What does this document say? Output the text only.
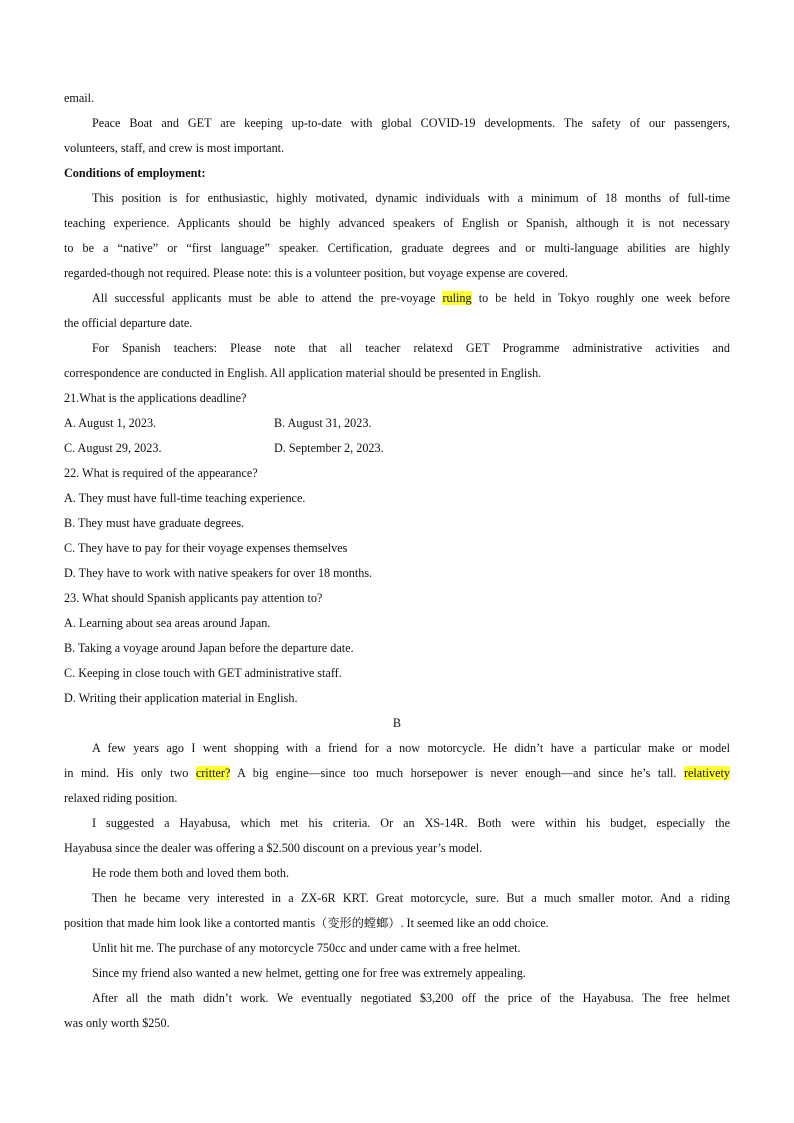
email.
Peace Boat and GET are keeping up-to-date with global COVID-19 developments. The safety of our passengers,
volunteers, staff, and crew is most important.
Conditions of employment:
This position is for enthusiastic, highly motivated, dynamic individuals with a minimum of 18 months of full-time
teaching experience. Applicants should be highly advanced speakers of English or Spanish, although it is not necessary
to be a “native” or “first language” speaker. Certification, graduate degrees and or multi-language abilities are highly
regarded-though not required. Please note: this is a volunteer position, but voyage expense are covered.
All successful applicants must be able to attend the pre-voyage ruling to be held in Tokyo roughly one week before
the official departure date.
For Spanish teachers: Please note that all teacher relatexd GET Programme administrative activities and
correspondence are conducted in English. All application material should be presented in English.
21.What is the applications deadline?
A. August 1, 2023.	B. August 31, 2023.
C. August 29, 2023.	D. September 2, 2023.
22. What is required of the appearance?
A. They must have full-time teaching experience.
B. They must have graduate degrees.
C. They have to pay for their voyage expenses themselves
D. They have to work with native speakers for over 18 months.
23. What should Spanish applicants pay attention to?
A. Learning about sea areas around Japan.
B. Taking a voyage around Japan before the departure date.
C. Keeping in close touch with GET administrative staff.
D. Writing their application material in English.
B
A few years ago I went shopping with a friend for a now motorcycle. He didn’t have a particular make or model
in mind. His only two critter? A big engine—since too much horsepower is never enough—and since he’s tall. relativety
relaxed riding position.
I suggested a Hayabusa, which met his criteria. Or an XS-14R. Both were within his budget, especially the
Hayabusa since the dealer was offering a $2.500 discount on a previous year’s model.
He rode them both and loved them both.
Then he became very interested in a ZX-6R KRT. Great motorcycle, sure. But a much smaller motor. And a riding
position that made him look like a contorted mantis（变形的螳螂）. It seemed like an odd choice.
Unlit hit me. The purchase of any motorcycle 750cc and under came with a free helmet.
Since my friend also wanted a new helmet, getting one for free was extremely appealing.
After all the math didn’t work. We eventually negotiated $3,200 off the price of the Hayabusa. The free helmet
was only worth $250.
